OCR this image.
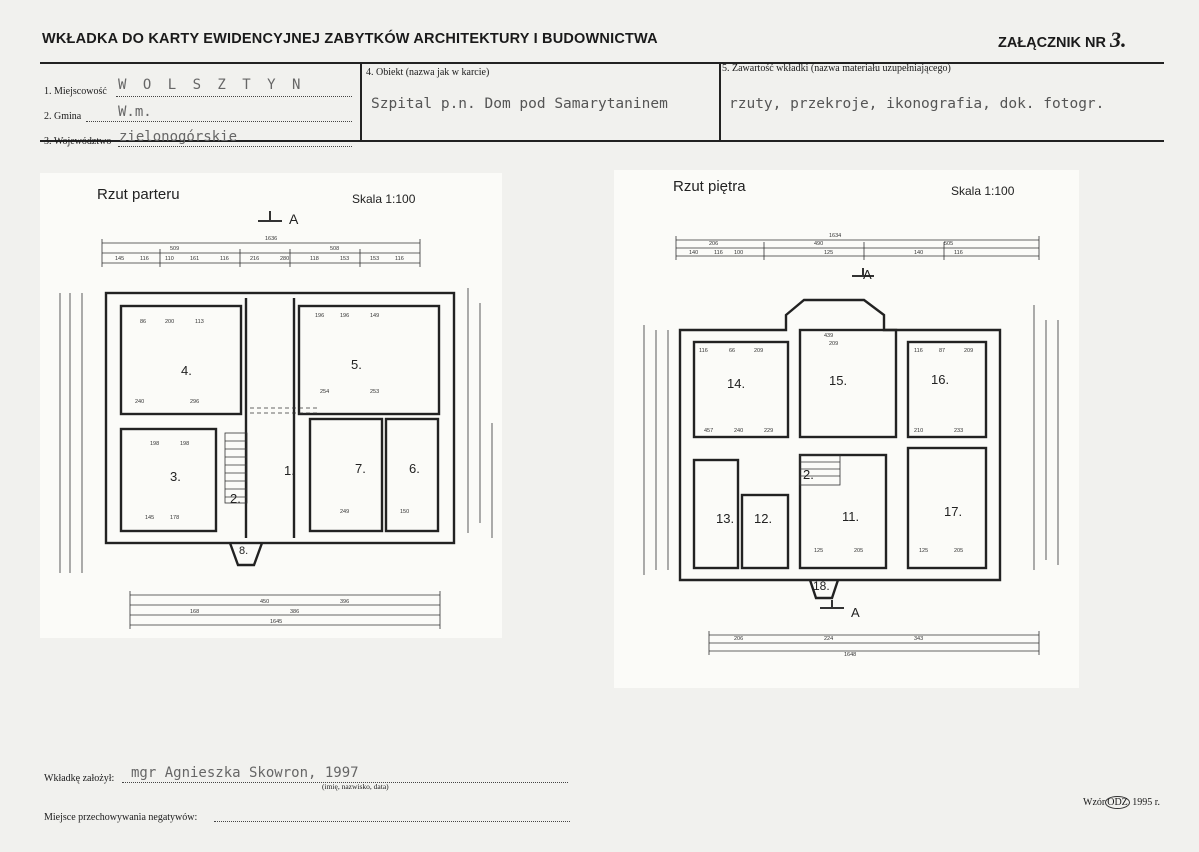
WKŁADKA DO KARTY EWIDENCYJNEJ ZABYTKÓW ARCHITEKTURY I BUDOWNICTWA	ZAŁĄCZNIK NR 3.
1. Miejscowość W O L S Z T Y N
2. Gmina	W.m.
3. Województwo zielonogórskie
4. Obiekt (nazwa jak w karcie)
Szpital p.n. Dom pod Samarytaninem
5. Zawartość wkładki (nazwa materiału uzupełniającego)
rzuty, przekroje, ikonografia, dok. fotogr.
Rzut parteru	Skala 1:100
1636
509	508
145	116	110	161	116	216	280	118	153	153	116
450	396
168	386
1645
86	200	113
196	196	149
240	296
254	253
198	198
145	178
249	150
1.
2.
3.
4.	5.
6.
7.
8.
A
Rzut piętra	Skala 1:100
1634
206	490	505
140	116 100	125	140	116
206	224	343
1648
116	66	209
439
209
116	87	209
457	240	229	210	233
125	205	125	205
2.
11.
12.
13.
14.	15.	16.
17.
18.
A
A
Wkładkę założył: mgr Agnieszka Skowron, 1997
(imię, nazwisko, data)
Miejsce przechowywania negatywów:
Wzór ODZ 1995 r.
